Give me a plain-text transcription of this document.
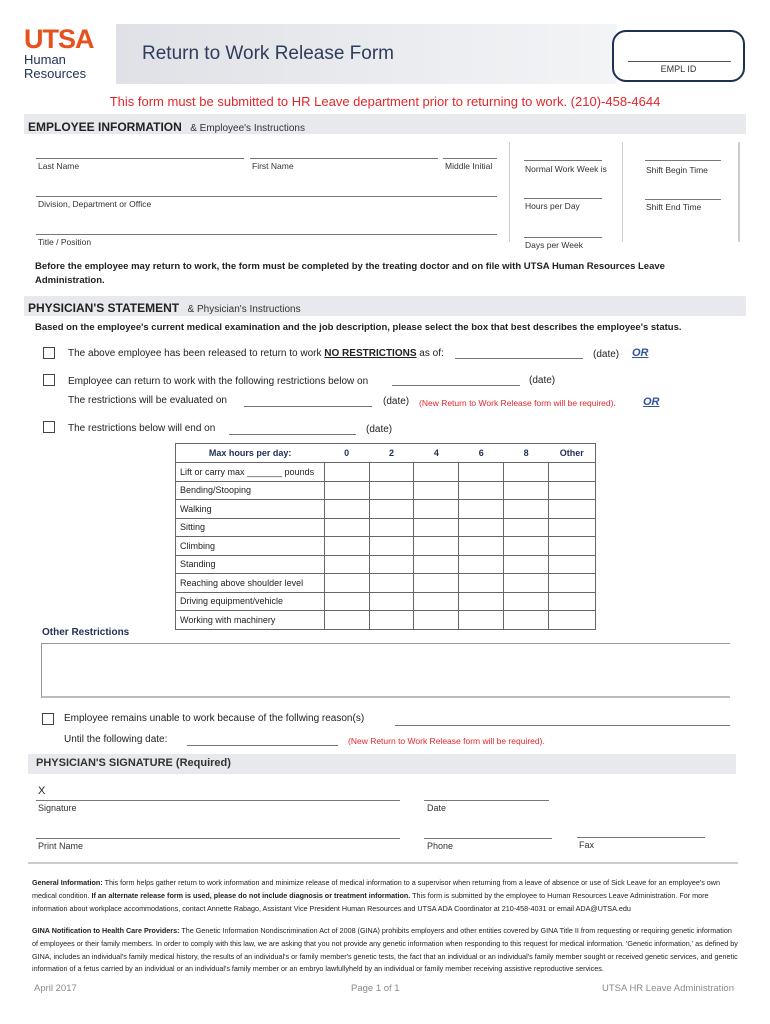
UTSA
Human
Resources
Return to Work Release Form
EMPL ID
This form must be submitted to HR Leave department prior to returning to work. (210)-458-4644
EMPLOYEE INFORMATION & Employee's Instructions
Last Name	First Name	Middle Initial
Division, Department or Office
Title / Position
Normal Work Week is
Hours per Day
Days per Week
Shift Begin Time
Shift End Time
Before the employee may return to work, the form must be completed by the treating doctor and on file with UTSA Human Resources Leave Administration.
PHYSICIAN'S STATEMENT & Physician's Instructions
Based on the employee's current medical examination and the job description, please select the box that best describes the employee's status.
The above employee has been released to return to work NO RESTRICTIONS as of:	(date) OR
Employee can return to work with the following restrictions below on	(date)
The restrictions will be evaluated on	(date) (New Return to Work Release form will be required). OR
The restrictions below will end on	(date)
Max hours per day:	0	2	4	6	8	Other
Lift or carry max _______ pounds						
Bending/Stooping						
Walking						
Sitting						
Climbing						
Standing						
Reaching above shoulder level						
Driving equipment/vehicle						
Working with machinery						
Other Restrictions
Employee remains unable to work because of the follwing reason(s)
Until the following date:	(New Return to Work Release form will be required).
PHYSICIAN'S SIGNATURE (Required)
X
Signature	Date
Print Name	Phone	Fax
General Information: This form helps gather return to work information and minimize release of medical information to a supervisor when returning from a leave of absence or use of Sick Leave for an employee's own medical condition. If an alternate release form is used, please do not include diagnosis or treatment information. This form is submitted by the employee to Human Resources Leave Administration. For more information about workplace accommodations, contact Annette Rabago, Assistant Vice President Human Resources and UTSA ADA Coordinator at 210-458-4031 or email ADA@UTSA.edu
GINA Notification to Health Care Providers: The Genetic Information Nondiscrimination Act of 2008 (GINA) prohibits employers and other entities covered by GINA Title II from requesting or requiring genetic information of employees or their family members. In order to comply with this law, we are asking that you not provide any genetic information when responding to this request for medical information. 'Genetic information,' as defined by GINA, includes an individual's family medical history, the results of an individual's or family member's genetic tests, the fact that an individual or an individual's family member sought or received genetic services, and genetic information of a fetus carried by an individual or an individual's family member or an embryo lawfullyheld by an individual or family member receiving assistive reproductive services.
April 2017	Page 1 of 1	UTSA HR Leave Administration
